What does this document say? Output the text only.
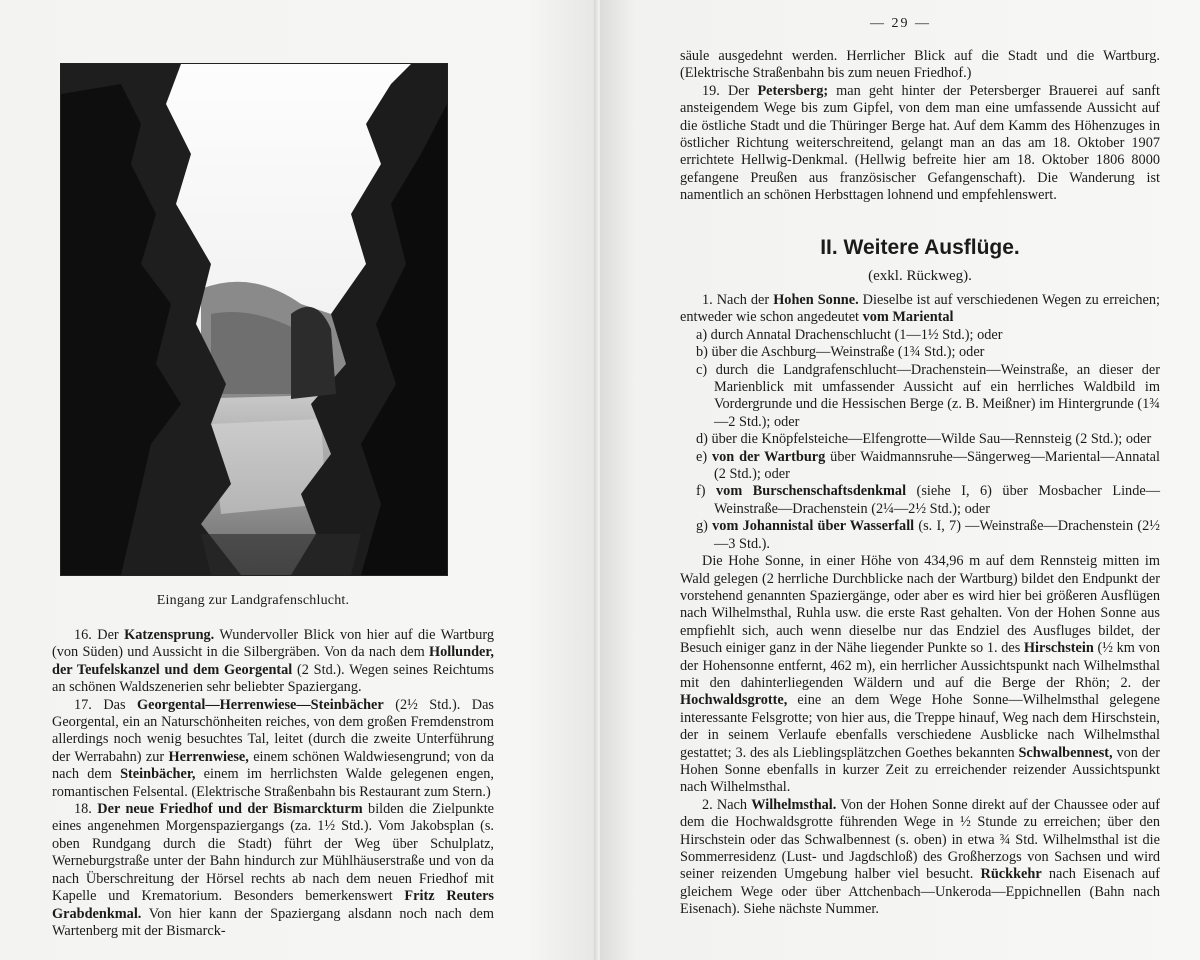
Eingang zur Landgrafenschlucht.

16. Der Katzensprung. Wundervoller Blick von hier auf die Wartburg (von Süden) und Aussicht in die Silbergräben. Von da nach dem Hollunder, der Teufelskanzel und dem Georgental (2 Std.). Wegen seines Reichtums an schönen Waldszenerien sehr beliebter Spaziergang.

17. Das Georgental—Herrenwiese—Steinbächer (2½ Std.). Das Georgental, ein an Naturschönheiten reiches, von dem großen Fremdenstrom allerdings noch wenig besuchtes Tal, leitet (durch die zweite Unterführung der Werrabahn) zur Herrenwiese, einem schönen Waldwiesengrund; von da nach dem Steinbächer, einem im herrlichsten Walde gelegenen engen, romantischen Felsental. (Elektrische Straßenbahn bis Restaurant zum Stern.)

18. Der neue Friedhof und der Bismarckturm bilden die Zielpunkte eines angenehmen Morgenspaziergangs (za. 1½ Std.). Vom Jakobsplan (s. oben Rundgang durch die Stadt) führt der Weg über Schulplatz, Werneburgstraße unter der Bahn hindurch zur Mühlhäuserstraße und von da nach Überschreitung der Hörsel rechts ab nach dem neuen Friedhof mit Kapelle und Krematorium. Besonders bemerkenswert Fritz Reuters Grabdenkmal. Von hier kann der Spaziergang alsdann noch nach dem Wartenberg mit der Bismarck-

— 29 —

säule ausgedehnt werden. Herrlicher Blick auf die Stadt und die Wartburg. (Elektrische Straßenbahn bis zum neuen Friedhof.)

19. Der Petersberg; man geht hinter der Petersberger Brauerei auf sanft ansteigendem Wege bis zum Gipfel, von dem man eine umfassende Aussicht auf die östliche Stadt und die Thüringer Berge hat. Auf dem Kamm des Höhenzuges in östlicher Richtung weiterschreitend, gelangt man an das am 18. Oktober 1907 errichtete Hellwig-Denkmal. (Hellwig befreite hier am 18. Oktober 1806 8000 gefangene Preußen aus französischer Gefangenschaft). Die Wanderung ist namentlich an schönen Herbsttagen lohnend und empfehlenswert.

II. Weitere Ausflüge.
(exkl. Rückweg).

1. Nach der Hohen Sonne. Dieselbe ist auf verschiedenen Wegen zu erreichen; entweder wie schon angedeutet vom Mariental

a) durch Annatal Drachenschlucht (1—1½ Std.); oder

b) über die Aschburg—Weinstraße (1¾ Std.); oder

c) durch die Landgrafenschlucht—Drachenstein—Weinstraße, an dieser der Marienblick mit umfassender Aussicht auf ein herrliches Waldbild im Vordergrunde und die Hessischen Berge (z. B. Meißner) im Hintergrunde (1¾—2 Std.); oder

d) über die Knöpfelsteiche—Elfengrotte—Wilde Sau—Rennsteig (2 Std.); oder

e) von der Wartburg über Waidmannsruhe—Sängerweg—Mariental—Annatal (2 Std.); oder

f) vom Burschenschaftsdenkmal (siehe I, 6) über Mosbacher Linde—Weinstraße—Drachenstein (2¼—2½ Std.); oder

g) vom Johannistal über Wasserfall (s. I, 7) —Weinstraße—Drachenstein (2½—3 Std.).

Die Hohe Sonne, in einer Höhe von 434,96 m auf dem Rennsteig mitten im Wald gelegen (2 herrliche Durchblicke nach der Wartburg) bildet den Endpunkt der vorstehend genannten Spaziergänge, oder aber es wird hier bei größeren Ausflügen nach Wilhelmsthal, Ruhla usw. die erste Rast gehalten. Von der Hohen Sonne aus empfiehlt sich, auch wenn dieselbe nur das Endziel des Ausfluges bildet, der Besuch einiger ganz in der Nähe liegender Punkte so 1. des Hirschstein (½ km von der Hohensonne entfernt, 462 m), ein herrlicher Aussichtspunkt nach Wilhelmsthal mit den dahinterliegenden Wäldern und auf die Berge der Rhön; 2. der Hochwaldsgrotte, eine an dem Wege Hohe Sonne—Wilhelmsthal gelegene interessante Felsgrotte; von hier aus, die Treppe hinauf, Weg nach dem Hirschstein, der in seinem Verlaufe ebenfalls verschiedene Ausblicke nach Wilhelmsthal gestattet; 3. des als Lieblingsplätzchen Goethes bekannten Schwalbennest, von der Hohen Sonne ebenfalls in kurzer Zeit zu erreichender reizender Aussichtspunkt nach Wilhelmsthal.

2. Nach Wilhelmsthal. Von der Hohen Sonne direkt auf der Chaussee oder auf dem die Hochwaldsgrotte führenden Wege in ½ Stunde zu erreichen; über den Hirschstein oder das Schwalbennest (s. oben) in etwa ¾ Std. Wilhelmsthal ist die Sommerresidenz (Lust- und Jagdschloß) des Großherzogs von Sachsen und wird seiner reizenden Umgebung halber viel besucht. Rückkehr nach Eisenach auf gleichem Wege oder über Attchenbach—Unkeroda—Eppichnellen (Bahn nach Eisenach). Siehe nächste Nummer.
